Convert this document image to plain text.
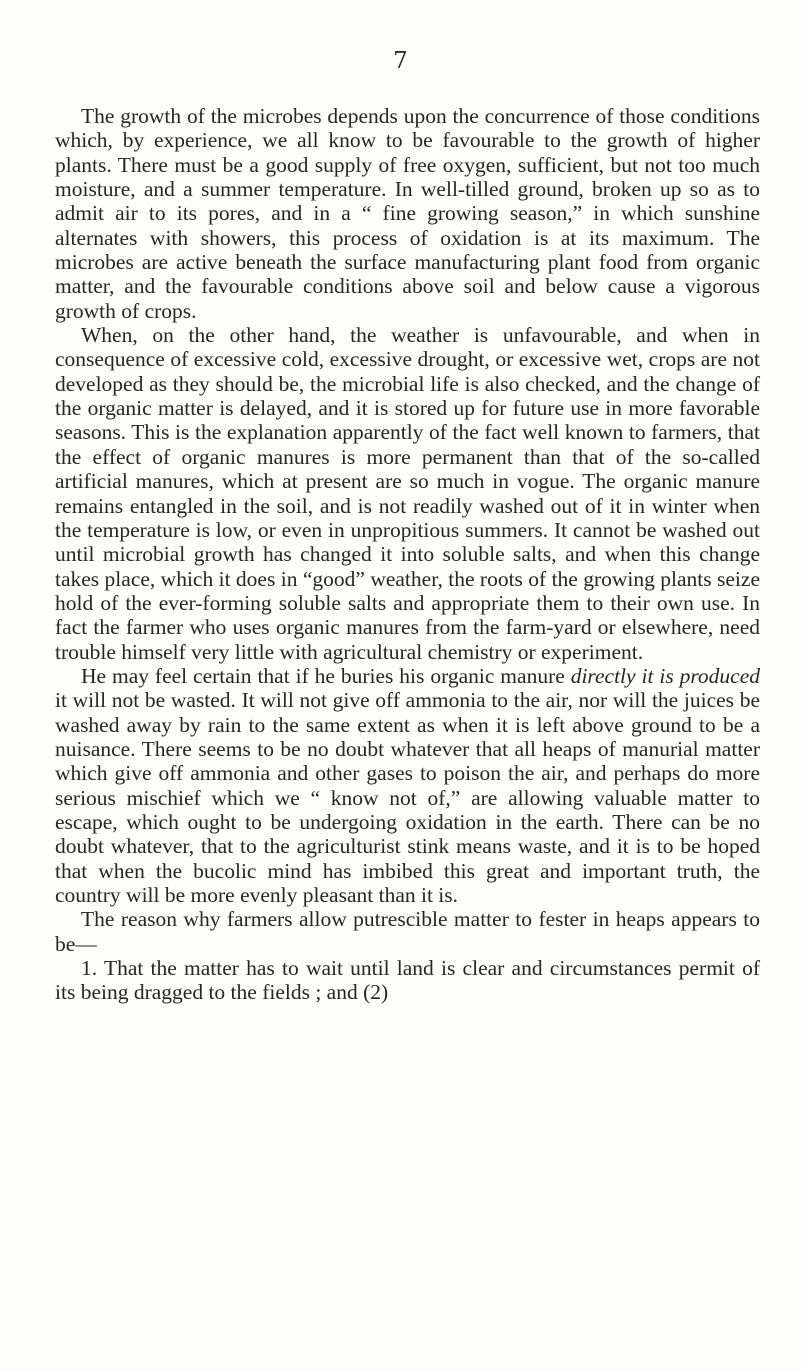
7

The growth of the microbes depends upon the concurrence of those conditions which, by experience, we all know to be favourable to the growth of higher plants. There must be a good supply of free oxygen, sufficient, but not too much moisture, and a summer temperature. In well-tilled ground, broken up so as to admit air to its pores, and in a “ fine growing season,” in which sunshine alternates with showers, this process of oxidation is at its maximum. The microbes are active beneath the surface manufacturing plant food from organic matter, and the favourable conditions above soil and below cause a vigorous growth of crops.

When, on the other hand, the weather is unfavourable, and when in consequence of excessive cold, excessive drought, or excessive wet, crops are not developed as they should be, the microbial life is also checked, and the change of the organic matter is delayed, and it is stored up for future use in more favorable seasons. This is the explanation apparently of the fact well known to farmers, that the effect of organic manures is more permanent than that of the so-called artificial manures, which at present are so much in vogue. The organic manure remains entangled in the soil, and is not readily washed out of it in winter when the temperature is low, or even in unpropitious summers. It cannot be washed out until microbial growth has changed it into soluble salts, and when this change takes place, which it does in “good” weather, the roots of the growing plants seize hold of the ever-forming soluble salts and appropriate them to their own use. In fact the farmer who uses organic manures from the farm-yard or elsewhere, need trouble himself very little with agricultural chemistry or experiment.

He may feel certain that if he buries his organic manure directly it is produced it will not be wasted. It will not give off ammonia to the air, nor will the juices be washed away by rain to the same extent as when it is left above ground to be a nuisance. There seems to be no doubt whatever that all heaps of manurial matter which give off ammonia and other gases to poison the air, and perhaps do more serious mischief which we “ know not of,” are allowing valuable matter to escape, which ought to be undergoing oxidation in the earth. There can be no doubt whatever, that to the agriculturist stink means waste, and it is to be hoped that when the bucolic mind has imbibed this great and important truth, the country will be more evenly pleasant than it is.

The reason why farmers allow putrescible matter to fester in heaps appears to be—

1. That the matter has to wait until land is clear and circumstances permit of its being dragged to the fields ; and (2)
